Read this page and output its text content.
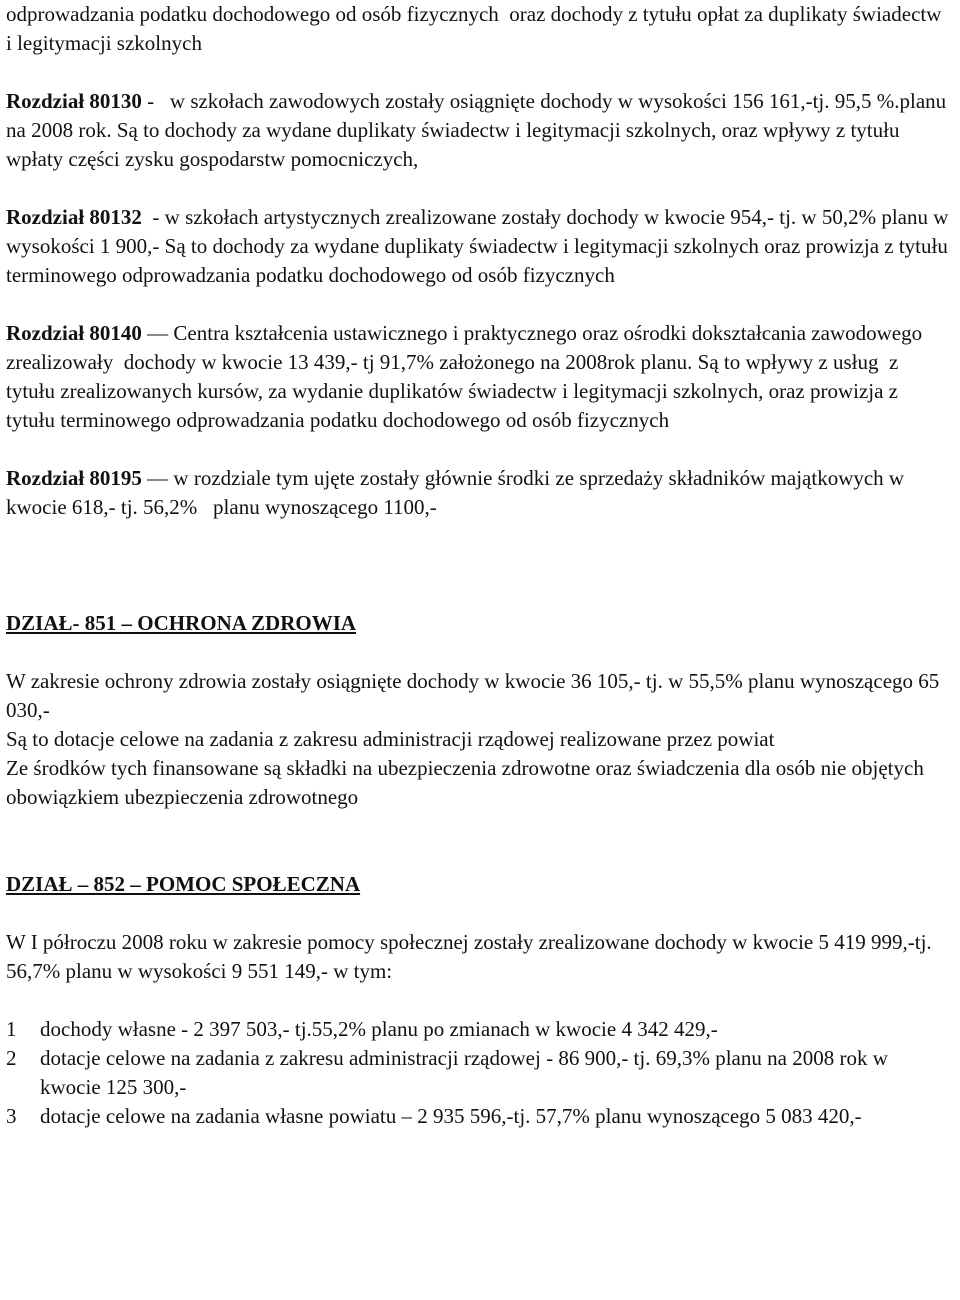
odprowadzania podatku dochodowego od osób fizycznych  oraz dochody z tytułu opłat za duplikaty świadectw i legitymacji szkolnych

Rozdział 80130 -   w szkołach zawodowych zostały osiągnięte dochody w wysokości 156 161,-tj. 95,5 %.planu na 2008 rok. Są to dochody za wydane duplikaty świadectw i legitymacji szkolnych, oraz wpływy z tytułu wpłaty części zysku gospodarstw pomocniczych,

Rozdział 80132  - w szkołach artystycznych zrealizowane zostały dochody w kwocie 954,- tj. w 50,2% planu w wysokości 1 900,- Są to dochody za wydane duplikaty świadectw i legitymacji szkolnych oraz prowizja z tytułu terminowego odprowadzania podatku dochodowego od osób fizycznych

Rozdział 80140 — Centra kształcenia ustawicznego i praktycznego oraz ośrodki dokształcania zawodowego zrealizowały  dochody w kwocie 13 439,- tj 91,7% założonego na 2008rok planu. Są to wpływy z usług  z tytułu zrealizowanych kursów, za wydanie duplikatów świadectw i legitymacji szkolnych, oraz prowizja z tytułu terminowego odprowadzania podatku dochodowego od osób fizycznych

Rozdział 80195 — w rozdziale tym ujęte zostały głównie środki ze sprzedaży składników majątkowych w kwocie 618,- tj. 56,2%   planu wynoszącego 1100,-

DZIAŁ- 851 – OCHRONA ZDROWIA

W zakresie ochrony zdrowia zostały osiągnięte dochody w kwocie 36 105,- tj. w 55,5% planu wynoszącego 65 030,-

Są to dotacje celowe na zadania z zakresu administracji rządowej realizowane przez powiat

Ze środków tych finansowane są składki na ubezpieczenia zdrowotne oraz świadczenia dla osób nie objętych obowiązkiem ubezpieczenia zdrowotnego

DZIAŁ – 852 – POMOC SPOŁECZNA

W I półroczu 2008 roku w zakresie pomocy społecznej zostały zrealizowane dochody w kwocie 5 419 999,-tj. 56,7% planu w wysokości 9 551 149,- w tym:

1	dochody własne - 2 397 503,- tj.55,2% planu po zmianach w kwocie 4 342 429,-
2	dotacje celowe na zadania z zakresu administracji rządowej - 86 900,- tj. 69,3% planu na 2008 rok w kwocie 125 300,-
3	dotacje celowe na zadania własne powiatu – 2 935 596,-tj. 57,7% planu wynoszącego 5 083 420,-
